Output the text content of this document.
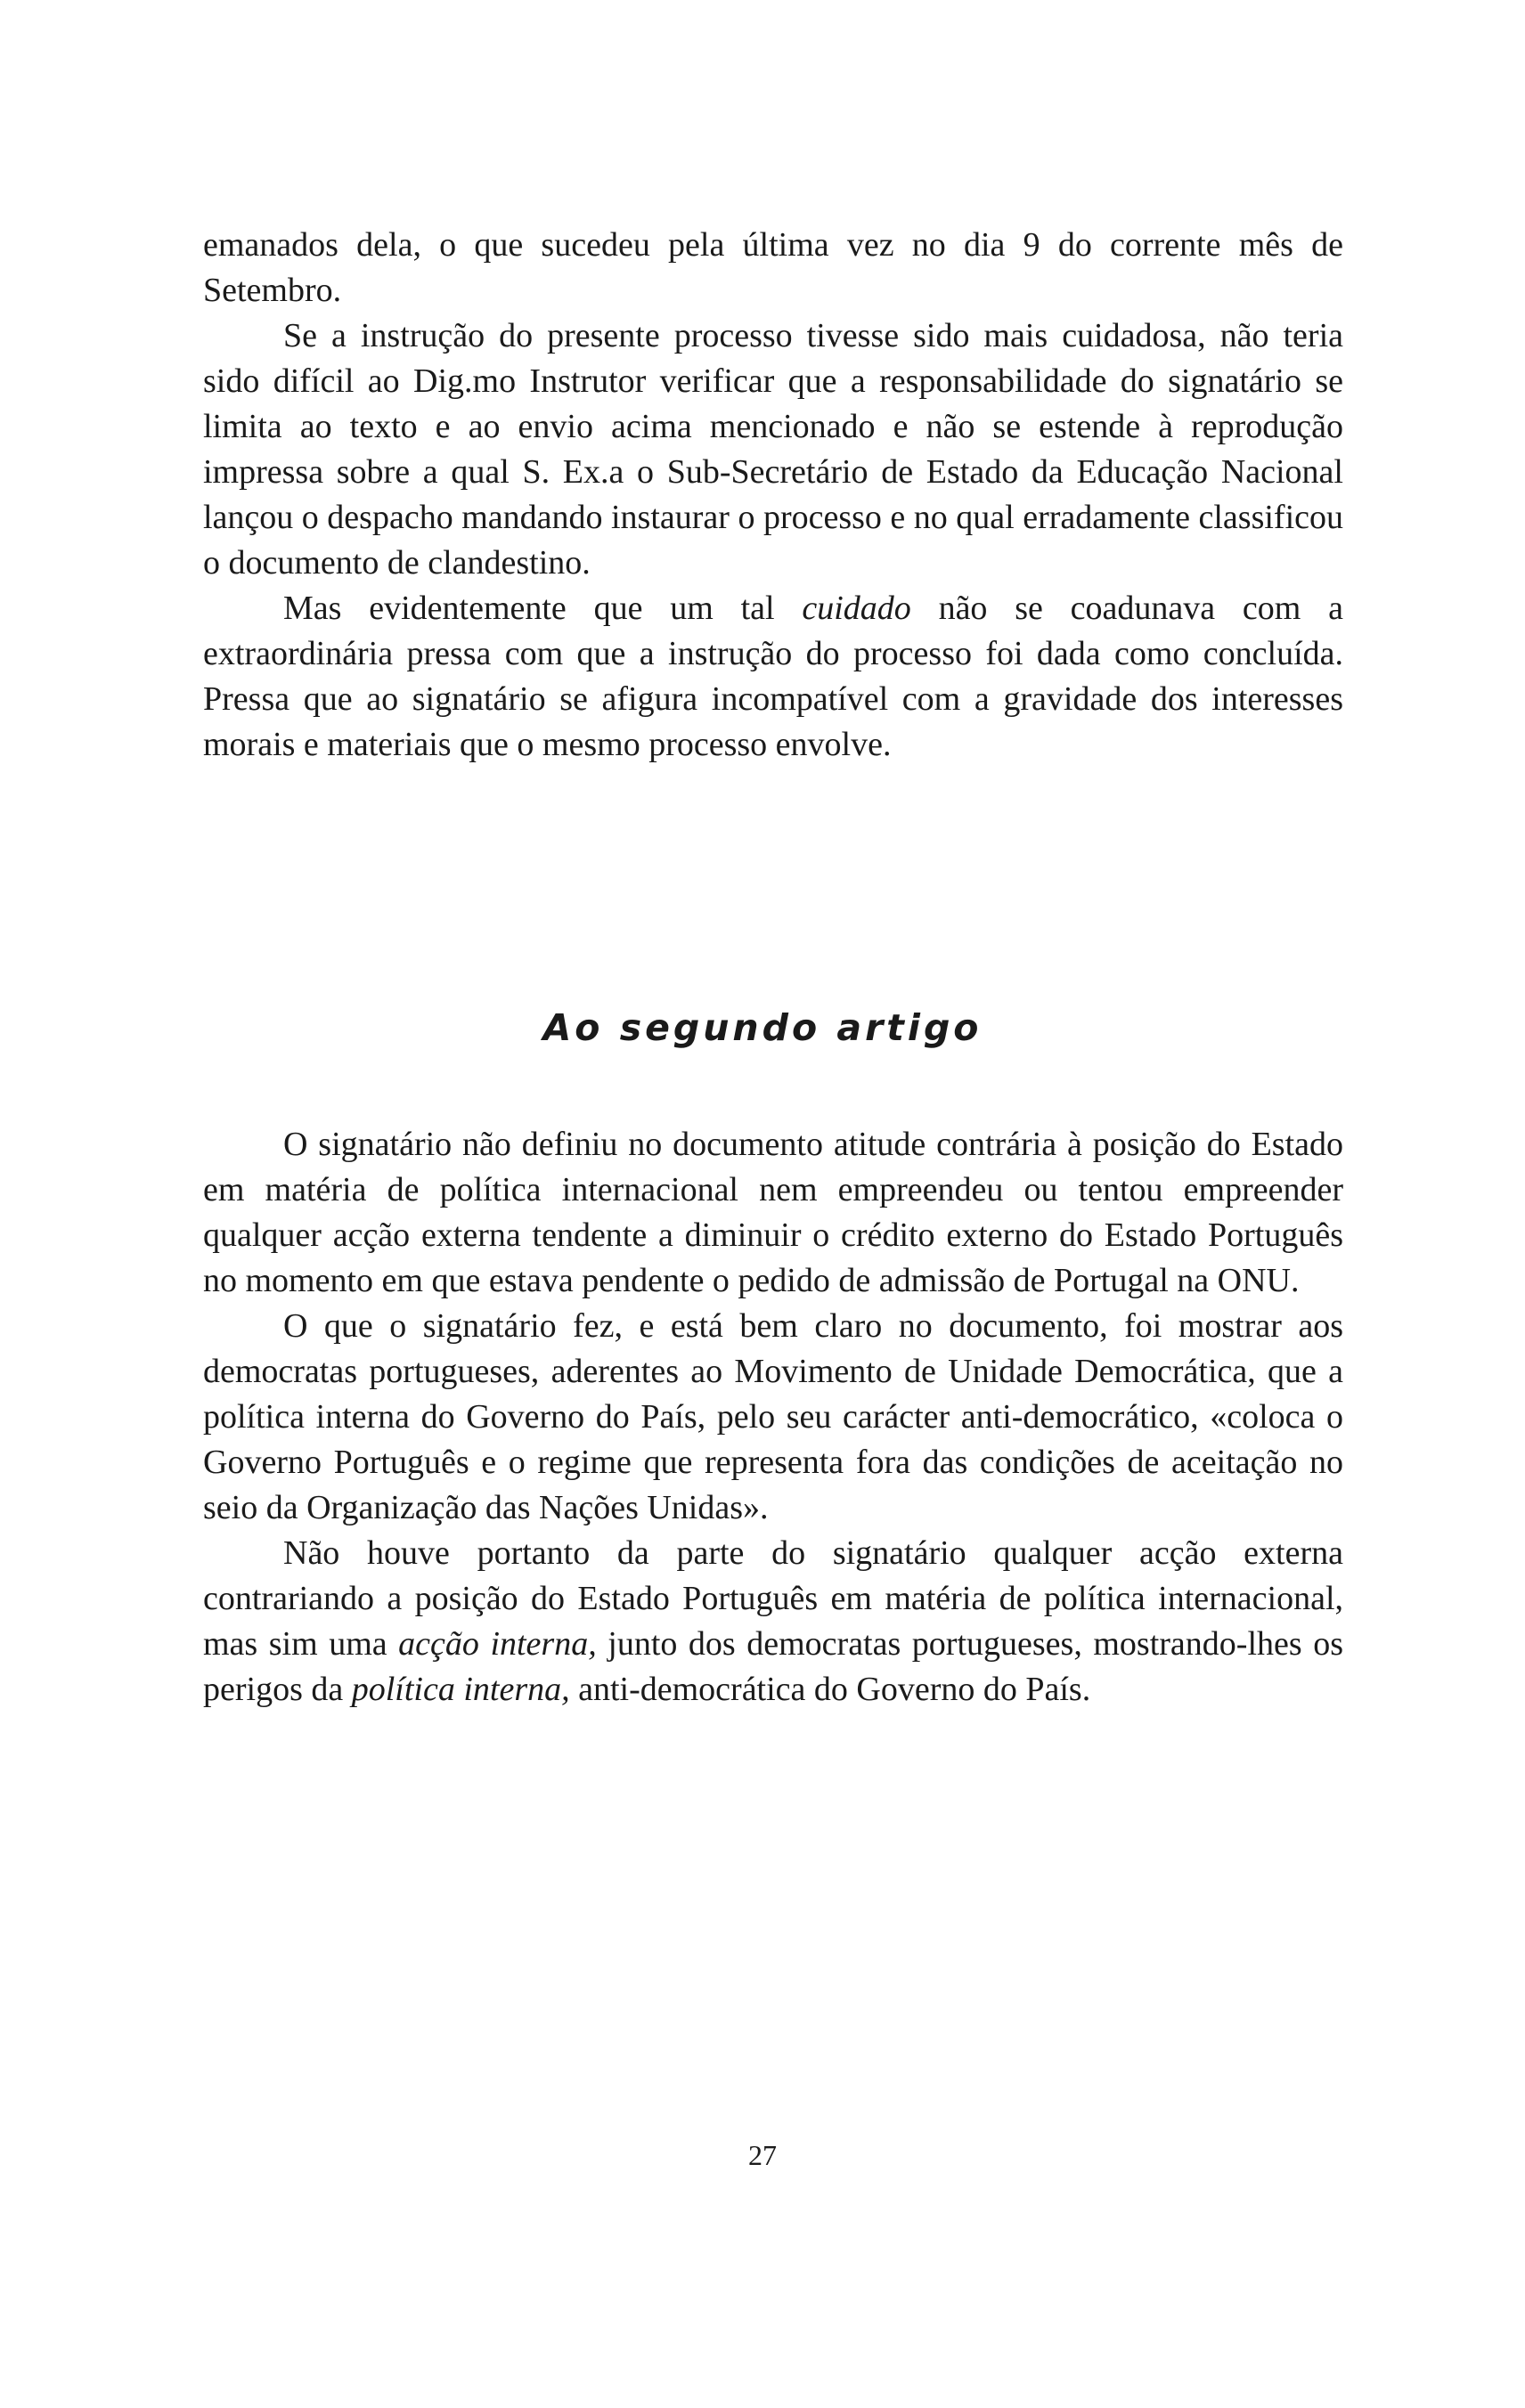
emanados dela, o que sucedeu pela última vez no dia 9 do corrente mês de Setembro.

Se a instrução do presente processo tivesse sido mais cuidadosa, não teria sido difícil ao Dig.mo Instrutor verificar que a responsabilidade do signatário se limita ao texto e ao envio acima mencionado e não se estende à reprodução impressa sobre a qual S. Ex.a o Sub-Secretário de Estado da Educação Nacional lançou o despacho mandando instaurar o processo e no qual erradamente classificou o documento de clandestino.

Mas evidentemente que um tal cuidado não se coadunava com a extraordinária pressa com que a instrução do processo foi dada como concluída. Pressa que ao signatário se afigura incompatível com a gravidade dos interesses morais e materiais que o mesmo processo envolve.

Ao segundo artigo

O signatário não definiu no documento atitude contrária à posição do Estado em matéria de política internacional nem empreendeu ou tentou empreender qualquer acção externa tendente a diminuir o crédito externo do Estado Português no momento em que estava pendente o pedido de admissão de Portugal na ONU.

O que o signatário fez, e está bem claro no documento, foi mostrar aos democratas portugueses, aderentes ao Movimento de Unidade Democrática, que a política interna do Governo do País, pelo seu carácter anti-democrático, «coloca o Governo Português e o regime que representa fora das condições de aceitação no seio da Organização das Nações Unidas».

Não houve portanto da parte do signatário qualquer acção externa contrariando a posição do Estado Português em matéria de política internacional, mas sim uma acção interna, junto dos democratas portugueses, mostrando-lhes os perigos da política interna, anti-democrática do Governo do País.

27
